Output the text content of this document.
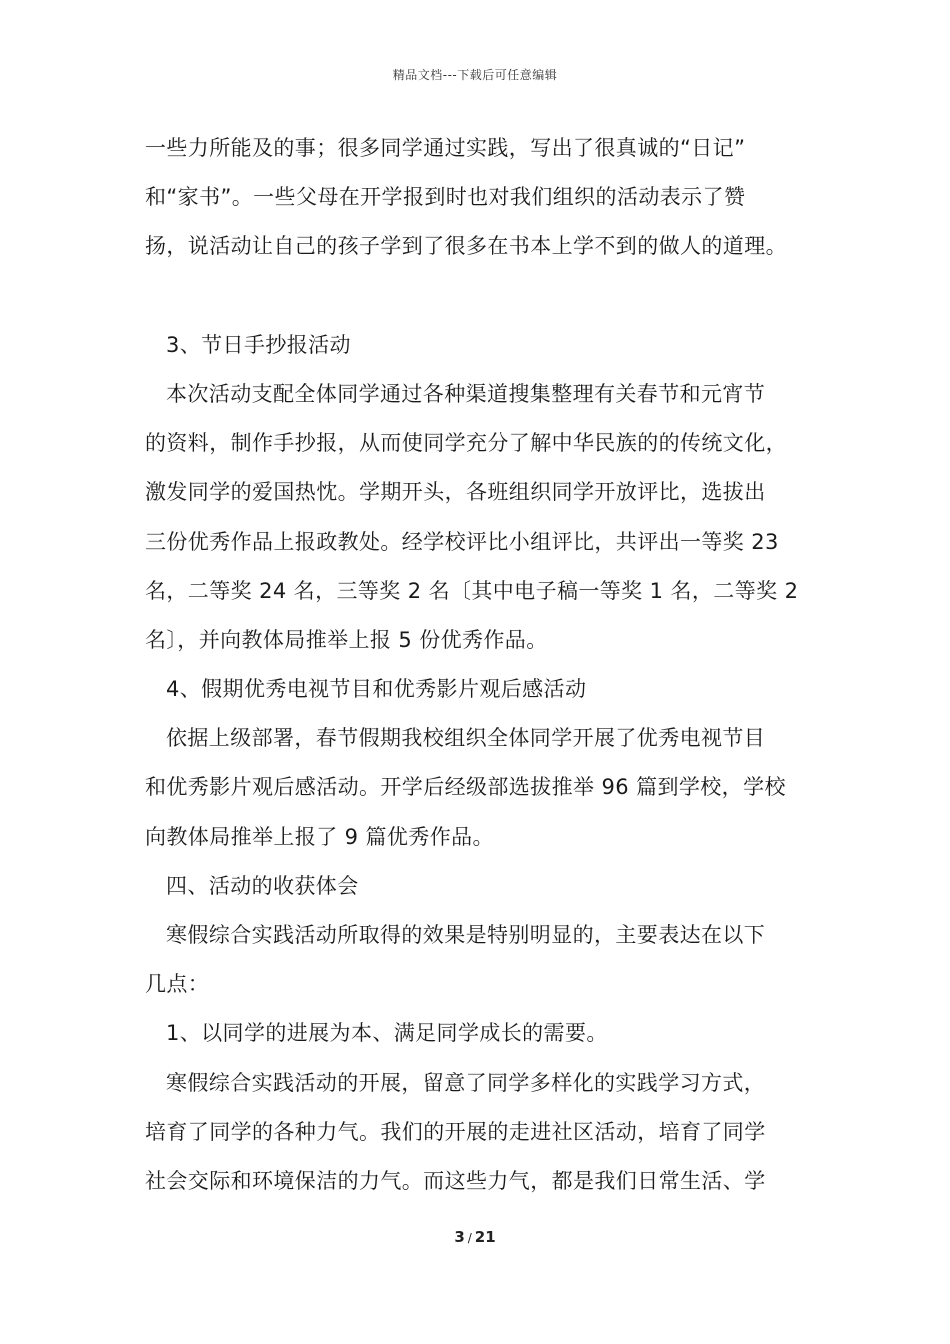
精品文档---下载后可任意编辑
一些力所能及的事；很多同学通过实践，写出了很真诚的“日记”
和“家书”。一些父母在开学报到时也对我们组织的活动表示了赞
扬，说活动让自己的孩子学到了很多在书本上学不到的做人的道理。
3、节日手抄报活动
本次活动支配全体同学通过各种渠道搜集整理有关春节和元宵节
的资料，制作手抄报，从而使同学充分了解中华民族的的传统文化，
激发同学的爱国热忱。学期开头，各班组织同学开放评比，选拔出
三份优秀作品上报政教处。经学校评比小组评比，共评出一等奖 23
名，二等奖 24 名，三等奖 2 名〔其中电子稿一等奖 1 名，二等奖 2
名〕，并向教体局推举上报 5 份优秀作品。
4、假期优秀电视节目和优秀影片观后感活动
依据上级部署，春节假期我校组织全体同学开展了优秀电视节目
和优秀影片观后感活动。开学后经级部选拔推举 96 篇到学校，学校
向教体局推举上报了 9 篇优秀作品。
四、活动的收获体会
寒假综合实践活动所取得的效果是特别明显的，主要表达在以下
几点：
1、以同学的进展为本、满足同学成长的需要。
寒假综合实践活动的开展，留意了同学多样化的实践学习方式，
培育了同学的各种力气。我们的开展的走进社区活动，培育了同学
社会交际和环境保洁的力气。而这些力气，都是我们日常生活、学
3 / 21
